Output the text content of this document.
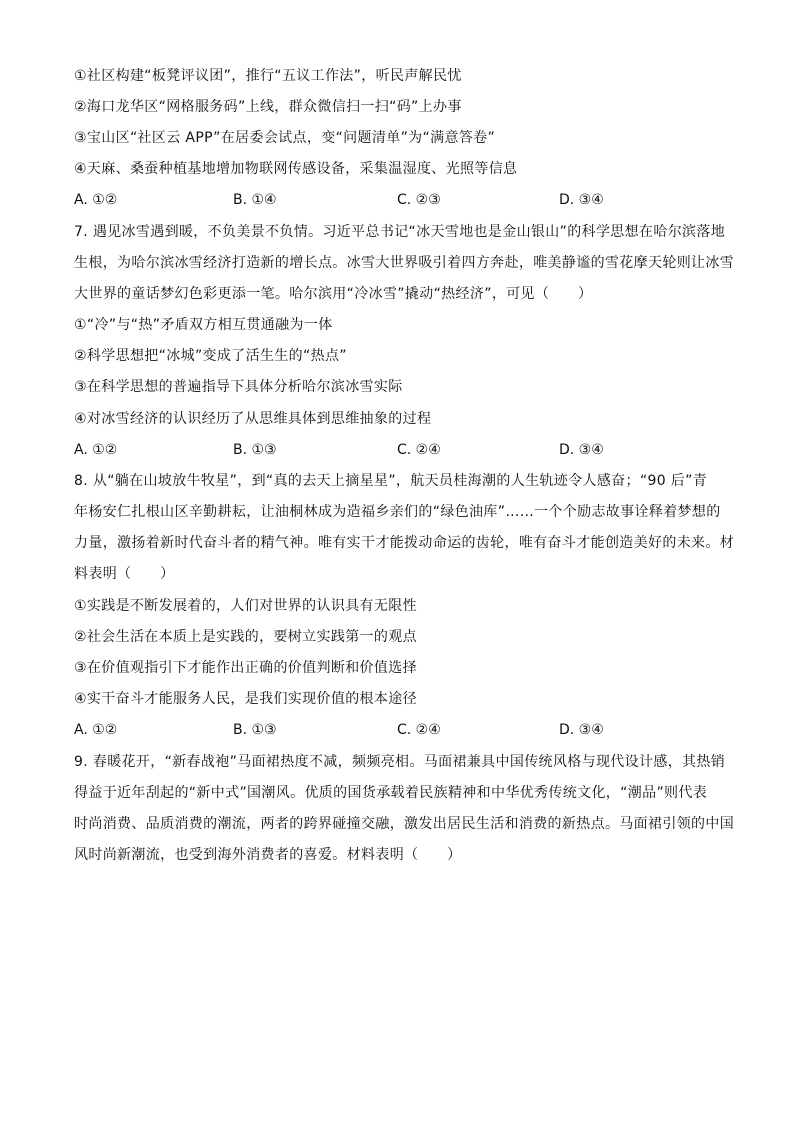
①社区构建“板凳评议团”，推行“五议工作法”，听民声解民忧
②海口龙华区“网格服务码”上线，群众微信扫一扫“码”上办事
③宝山区“社区云 APP”在居委会试点，变“问题清单”为“满意答卷”
④天麻、桑蚕种植基地增加物联网传感设备，采集温湿度、光照等信息
A. ①②	B. ①④	C. ②③	D. ③④
7. 遇见冰雪遇到暖，不负美景不负情。习近平总书记“冰天雪地也是金山银山”的科学思想在哈尔滨落地
生根，为哈尔滨冰雪经济打造新的增长点。冰雪大世界吸引着四方奔赴，唯美静谧的雪花摩天轮则让冰雪
大世界的童话梦幻色彩更添一笔。哈尔滨用“冷冰雪”撬动“热经济”，可见（　　）
①“冷”与“热”矛盾双方相互贯通融为一体
②科学思想把“冰城”变成了活生生的“热点”
③在科学思想的普遍指导下具体分析哈尔滨冰雪实际
④对冰雪经济的认识经历了从思维具体到思维抽象的过程
A. ①②	B. ①③	C. ②④	D. ③④
8. 从“躺在山坡放牛牧星”，到“真的去天上摘星星”，航天员桂海潮的人生轨迹令人感奋；“90 后”青
年杨安仁扎根山区辛勤耕耘，让油桐林成为造福乡亲们的“绿色油库”……一个个励志故事诠释着梦想的
力量，激扬着新时代奋斗者的精气神。唯有实干才能拨动命运的齿轮，唯有奋斗才能创造美好的未来。材
料表明（　　）
①实践是不断发展着的，人们对世界的认识具有无限性
②社会生活在本质上是实践的，要树立实践第一的观点
③在价值观指引下才能作出正确的价值判断和价值选择
④实干奋斗才能服务人民，是我们实现价值的根本途径
A. ①②	B. ①③	C. ②④	D. ③④
9. 春暖花开，“新春战袍”马面裙热度不减，频频亮相。马面裙兼具中国传统风格与现代设计感，其热销
得益于近年刮起的“新中式”国潮风。优质的国货承载着民族精神和中华优秀传统文化，“潮品”则代表
时尚消费、品质消费的潮流，两者的跨界碰撞交融，激发出居民生活和消费的新热点。马面裙引领的中国
风时尚新潮流，也受到海外消费者的喜爱。材料表明（　　）
